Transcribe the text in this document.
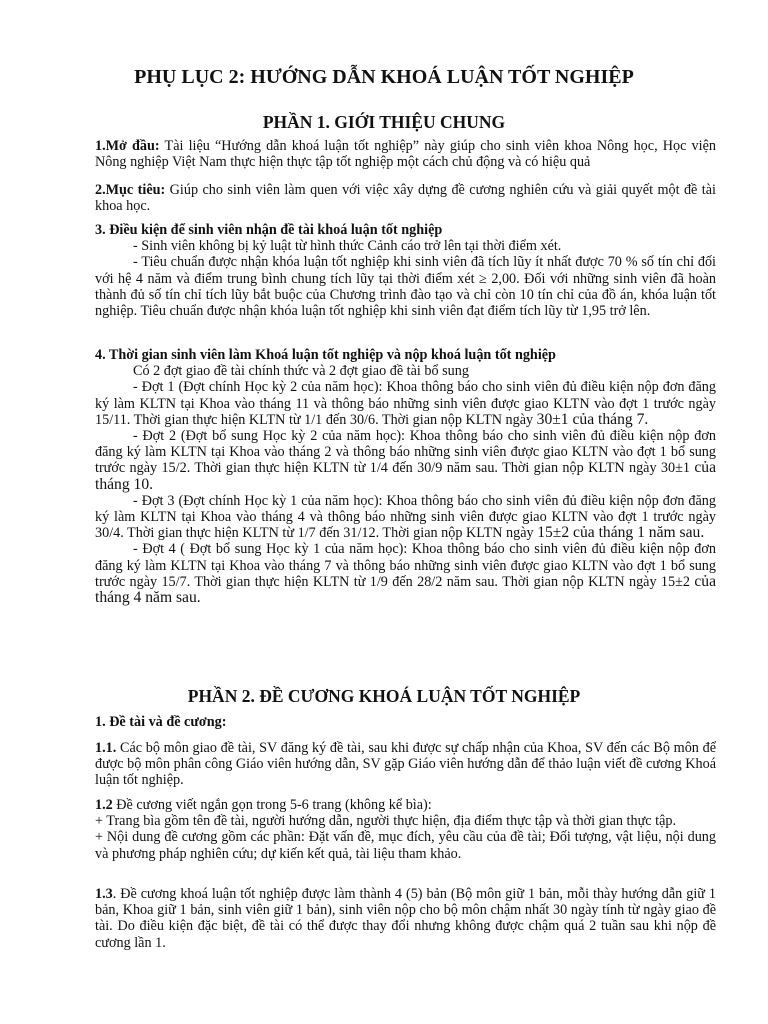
PHỤ LỤC 2: HƯỚNG DẪN KHOÁ LUẬN TỐT NGHIỆP
PHẦN 1. GIỚI THIỆU CHUNG

1.Mở đầu: Tài liệu “Hướng dẫn khoá luận tốt nghiệp” này giúp cho sinh viên khoa Nông học, Học viện Nông nghiệp Việt Nam thực hiện thực tập tốt nghiệp một cách chủ động và có hiệu quả

2.Mục tiêu: Giúp cho sinh viên làm quen với việc xây dựng đề cương nghiên cứu và giải quyết một đề tài khoa học.

3. Điều kiện để sinh viên nhận đề tài khoá luận tốt nghiệp

- Sinh viên không bị kỷ luật từ hình thức Cảnh cáo trở lên tại thời điểm xét.

- Tiêu chuẩn được nhận khóa luận tốt nghiệp khi sinh viên đã tích lũy ít nhất được 70 % số tín chỉ đối với hệ 4 năm và điểm trung bình chung tích lũy tại thời điểm xét ≥ 2,00. Đối với những sinh viên đã hoàn thành đủ số tín chỉ tích lũy bắt buộc của Chương trình đào tạo và chỉ còn 10 tín chỉ của đồ án, khóa luận tốt nghiệp. Tiêu chuẩn được nhận khóa luận tốt nghiệp khi sinh viên đạt điểm tích lũy từ 1,95 trở lên.

4. Thời gian sinh viên làm Khoá luận tốt nghiệp và nộp khoá luận tốt nghiệp

Có 2 đợt giao đề tài chính thức và 2 đợt giao đề tài bổ sung

- Đợt 1 (Đợt chính Học kỳ 2 của năm học): Khoa thông báo cho sinh viên đủ điều kiện nộp đơn đăng ký làm KLTN tại Khoa vào tháng 11 và thông báo những sinh viên được giao KLTN vào đợt 1 trước ngày 15/11. Thời gian thực hiện KLTN từ 1/1 đến 30/6. Thời gian nộp KLTN ngày 30±1 của tháng 7.

- Đợt 2 (Đợt bổ sung Học kỳ 2 của năm học): Khoa thông báo cho sinh viên đủ điều kiện nộp đơn đăng ký làm KLTN tại Khoa vào tháng 2 và thông báo những sinh viên được giao KLTN vào đợt 1 bổ sung trước ngày 15/2. Thời gian thực hiện KLTN từ 1/4 đến 30/9 năm sau. Thời gian nộp KLTN ngày 30±1 của tháng 10.

- Đợt 3 (Đợt chính Học kỳ 1 của năm học): Khoa thông báo cho sinh viên đủ điều kiện nộp đơn đăng ký làm KLTN tại Khoa vào tháng 4 và thông báo những sinh viên được giao KLTN vào đợt 1 trước ngày 30/4. Thời gian thực hiện KLTN từ 1/7 đến 31/12. Thời gian nộp KLTN ngày 15±2 của tháng 1 năm sau.

- Đợt 4 ( Đợt bổ sung Học kỳ 1 của năm học): Khoa thông báo cho sinh viên đủ điều kiện nộp đơn đăng ký làm KLTN tại Khoa vào tháng 7 và thông báo những sinh viên được giao KLTN vào đợt 1 bổ sung trước ngày 15/7. Thời gian thực hiện KLTN từ 1/9 đến 28/2 năm sau. Thời gian nộp KLTN ngày 15±2 của tháng 4 năm sau.

PHẦN 2. ĐỀ CƯƠNG KHOÁ LUẬN TỐT NGHIỆP

1. Đề tài và đề cương:

1.1. Các bộ môn giao đề tài, SV đăng ký đề tài, sau khi được sự chấp nhận của Khoa, SV đến các Bộ môn để được bộ môn phân công Giáo viên hướng dẫn, SV gặp Giáo viên hướng dẫn để thảo luận viết đề cương Khoá luận tốt nghiệp.

1.2 Đề cương viết ngắn gọn trong 5-6 trang (không kể bìa):

+ Trang bìa gồm tên đề tài, người hướng dẫn, người thực hiện, địa điểm thực tập và thời gian thực tập.

+ Nội dung đề cương gồm các phần: Đặt vấn đề, mục đích, yêu cầu của đề tài; Đối tượng, vật liệu, nội dung và phương pháp nghiên cứu; dự kiến kết quả, tài liệu tham khảo.

1.3. Đề cương khoá luận tốt nghiệp được làm thành 4 (5) bản (Bộ môn giữ 1 bản, mỗi thày hướng dẫn giữ 1 bản, Khoa giữ 1 bản, sinh viên giữ 1 bản), sinh viên nộp cho bộ môn chậm nhất 30 ngày tính từ ngày giao đề tài. Do điều kiện đặc biệt, đề tài có thể được thay đổi nhưng không được chậm quá 2 tuần sau khi nộp đề cương lần 1.
